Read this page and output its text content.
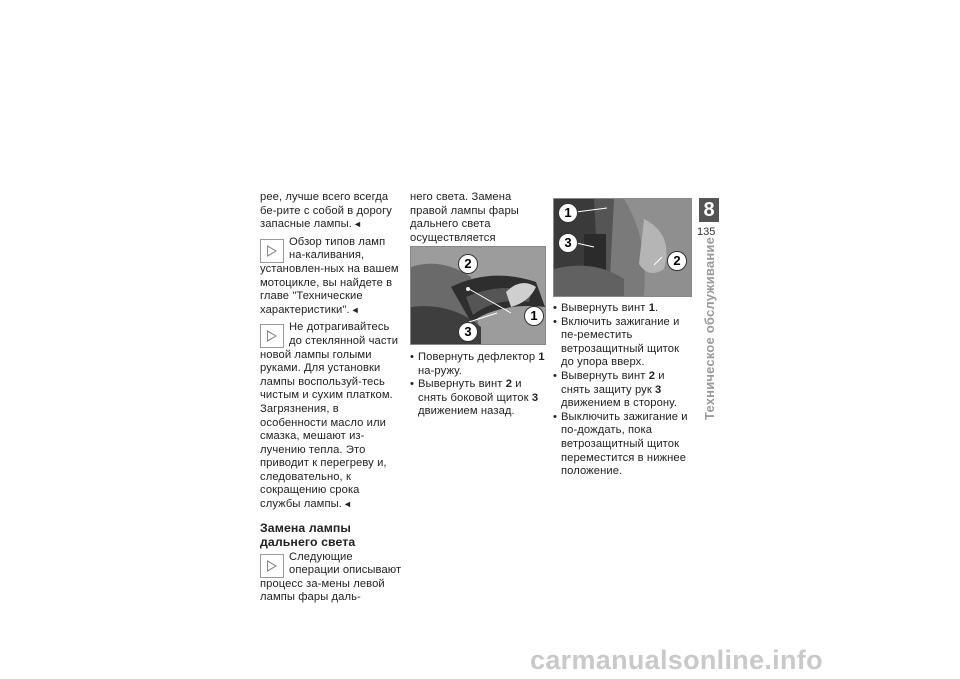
рее, лучше всего всегда бе-рите с собой в дорогу запасные лампы.◄

Обзор типов ламп на-каливания, установлен-ных на вашем мотоцикле, вы найдете в главе "Технические характеристики".◄

Не дотрагивайтесь до стеклянной части новой лампы голыми руками. Для установки лампы воспользуй-тесь чистым и сухим платком. Загрязнения, в особенности масло или смазка, мешают из-лучению тепла. Это приводит к перегреву и, следовательно, к сокращению срока службы лампы.◄

Замена лампы дальнего света

Следующие операции описывают процесс за-мены левой лампы фары даль-

него света. Замена правой лампы фары дальнего света осуществляется

2
1
3

• Повернуть дефлектор 1 на-ружу.

• Вывернуть винт 2 и снять боковой щиток 3 движением назад.

1
3
2

• Вывернуть винт 1.

• Включить зажигание и пе-реместить ветрозащитный щиток до упора вверх.

• Вывернуть винт 2 и снять защиту рук 3 движением в сторону.

• Выключить зажигание и по-дождать, пока ветрозащитный щиток переместится в нижнее положение.

8
135
Техническое обслуживание
carmanualsonline.info
